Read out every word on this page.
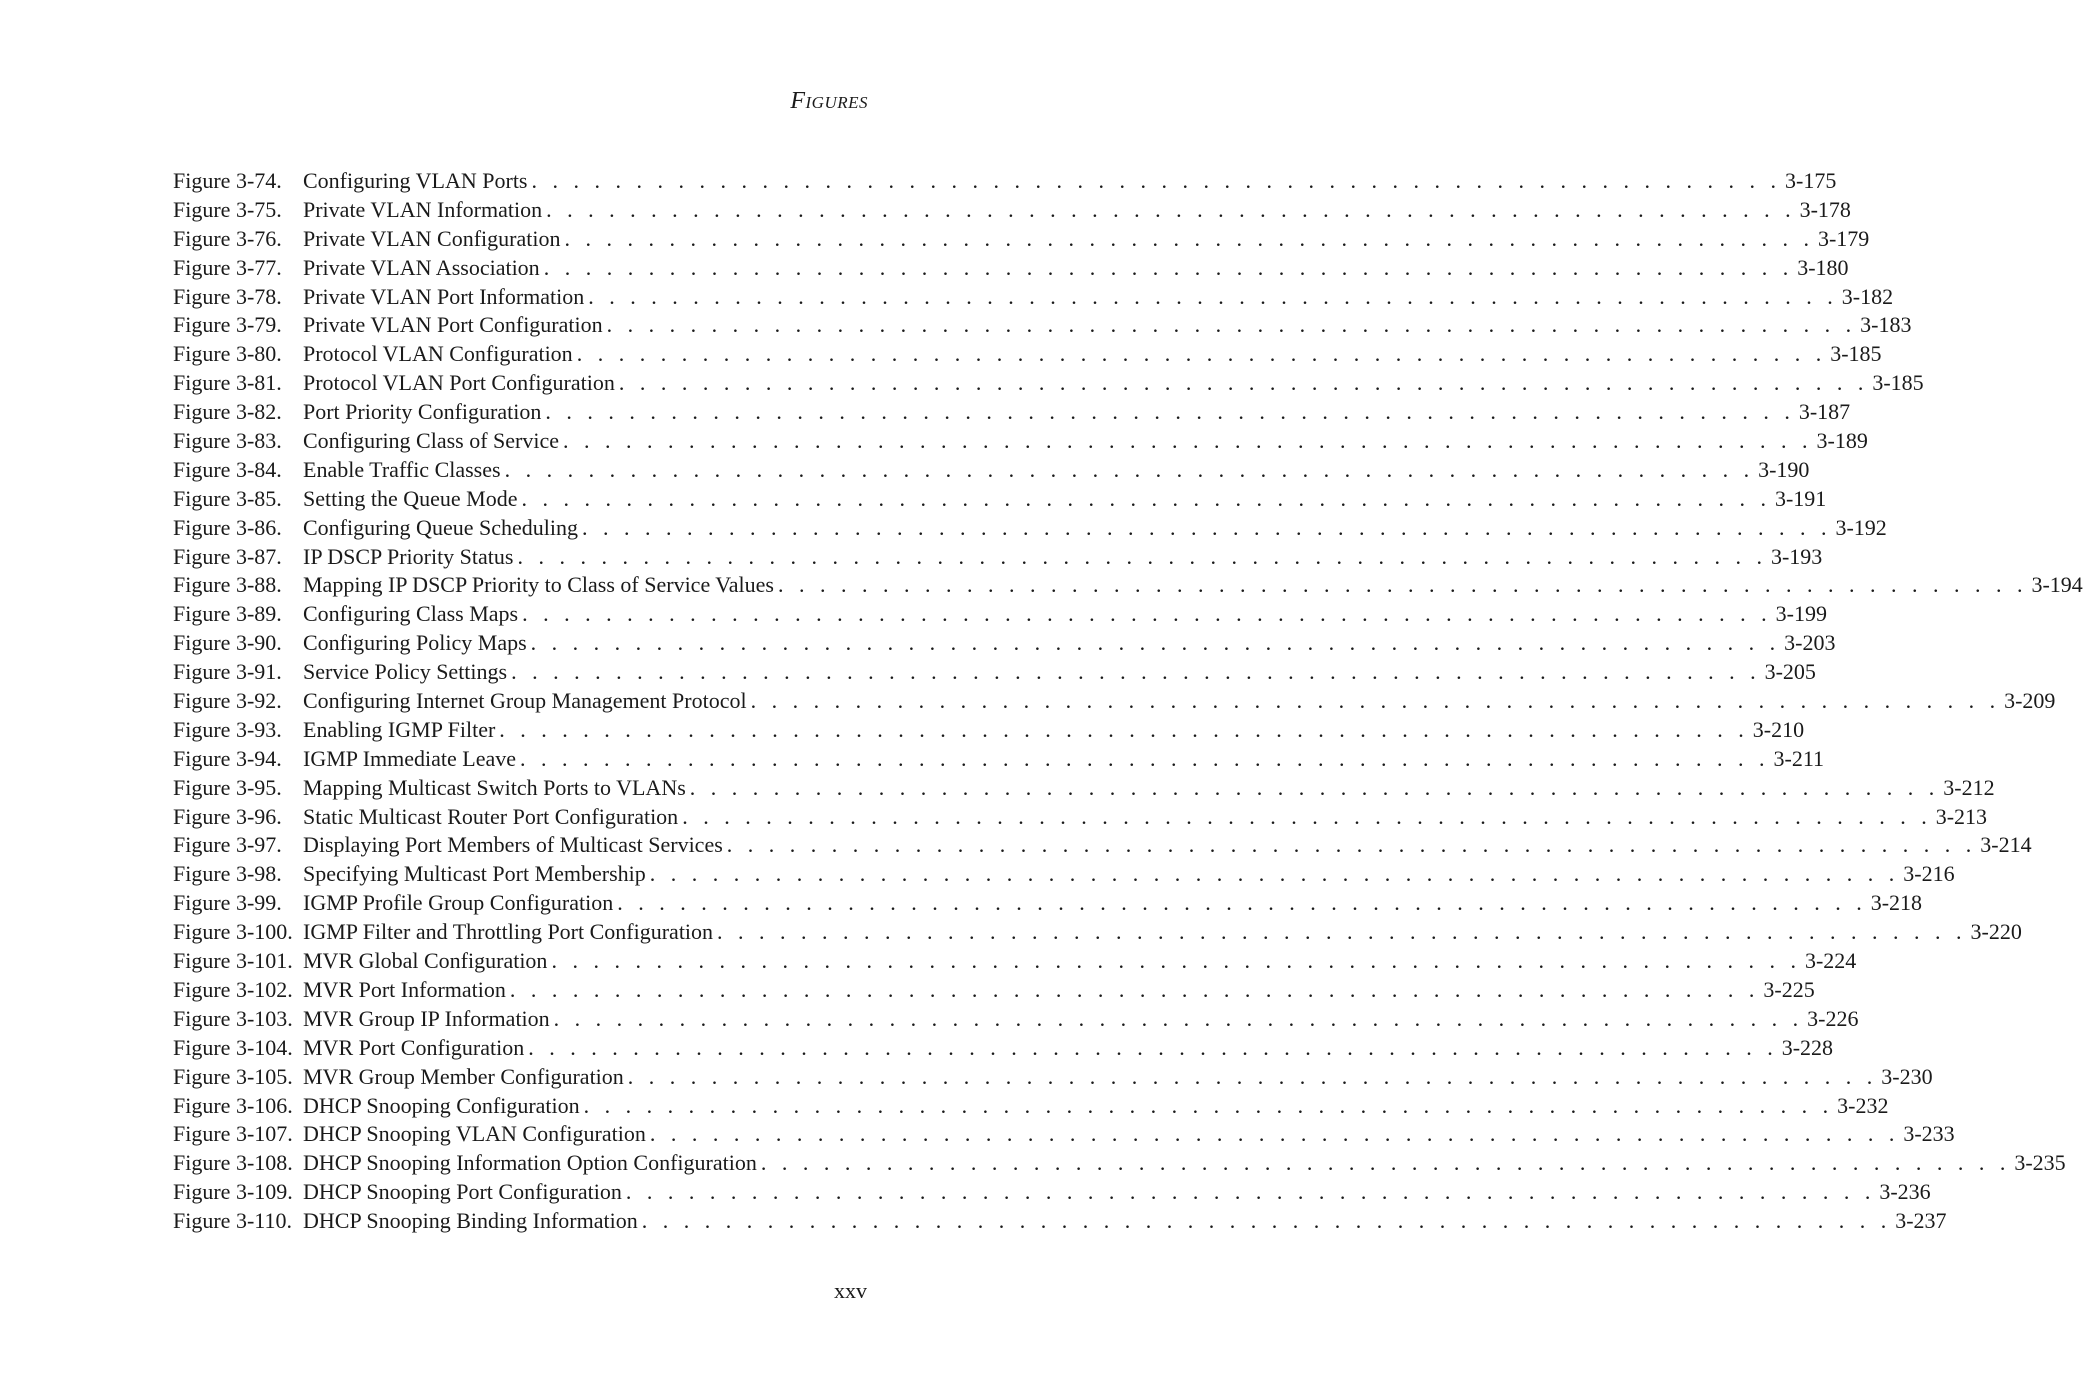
FIGURES
Figure 3-74. Configuring VLAN Ports . . . . . . . . . . . . . . . . . . . . . . . . . . . . . . . . . . . . . . . . . . . . . . . . . . . . . . . . . . . . 3-175
Figure 3-75. Private VLAN Information . . . . . . . . . . . . . . . . . . . . . . . . . . . . . . . . . . . . . . . . . . . . . . . . . . . . . . . . . . . . 3-178
Figure 3-76. Private VLAN Configuration . . . . . . . . . . . . . . . . . . . . . . . . . . . . . . . . . . . . . . . . . . . . . . . . . . . . . . . . . . . . 3-179
Figure 3-77. Private VLAN Association . . . . . . . . . . . . . . . . . . . . . . . . . . . . . . . . . . . . . . . . . . . . . . . . . . . . . . . . . . . . 3-180
Figure 3-78. Private VLAN Port Information . . . . . . . . . . . . . . . . . . . . . . . . . . . . . . . . . . . . . . . . . . . . . . . . . . . . . . . . . . . . 3-182
Figure 3-79. Private VLAN Port Configuration . . . . . . . . . . . . . . . . . . . . . . . . . . . . . . . . . . . . . . . . . . . . . . . . . . . . . . . . . . . . 3-183
Figure 3-80. Protocol VLAN Configuration . . . . . . . . . . . . . . . . . . . . . . . . . . . . . . . . . . . . . . . . . . . . . . . . . . . . . . . . . . . . 3-185
Figure 3-81. Protocol VLAN Port Configuration . . . . . . . . . . . . . . . . . . . . . . . . . . . . . . . . . . . . . . . . . . . . . . . . . . . . . . . . . . . . 3-185
Figure 3-82. Port Priority Configuration . . . . . . . . . . . . . . . . . . . . . . . . . . . . . . . . . . . . . . . . . . . . . . . . . . . . . . . . . . . . 3-187
Figure 3-83. Configuring Class of Service . . . . . . . . . . . . . . . . . . . . . . . . . . . . . . . . . . . . . . . . . . . . . . . . . . . . . . . . . . . . 3-189
Figure 3-84. Enable Traffic Classes . . . . . . . . . . . . . . . . . . . . . . . . . . . . . . . . . . . . . . . . . . . . . . . . . . . . . . . . . . . . 3-190
Figure 3-85. Setting the Queue Mode . . . . . . . . . . . . . . . . . . . . . . . . . . . . . . . . . . . . . . . . . . . . . . . . . . . . . . . . . . . . 3-191
Figure 3-86. Configuring Queue Scheduling . . . . . . . . . . . . . . . . . . . . . . . . . . . . . . . . . . . . . . . . . . . . . . . . . . . . . . . . . . . . 3-192
Figure 3-87. IP DSCP Priority Status . . . . . . . . . . . . . . . . . . . . . . . . . . . . . . . . . . . . . . . . . . . . . . . . . . . . . . . . . . . . 3-193
Figure 3-88. Mapping IP DSCP Priority to Class of Service Values . . . . . . . . . . . . . . . . . . . . . . . . . . . . . . . . . . . . . . . . . . . . . . . . . . . . . . . . . . . . 3-194
Figure 3-89. Configuring Class Maps . . . . . . . . . . . . . . . . . . . . . . . . . . . . . . . . . . . . . . . . . . . . . . . . . . . . . . . . . . . . 3-199
Figure 3-90. Configuring Policy Maps . . . . . . . . . . . . . . . . . . . . . . . . . . . . . . . . . . . . . . . . . . . . . . . . . . . . . . . . . . . . 3-203
Figure 3-91. Service Policy Settings . . . . . . . . . . . . . . . . . . . . . . . . . . . . . . . . . . . . . . . . . . . . . . . . . . . . . . . . . . . . 3-205
Figure 3-92. Configuring Internet Group Management Protocol . . . . . . . . . . . . . . . . . . . . . . . . . . . . . . . . . . . . . . . . . . . . . . . . . . . . . . . . . . . . 3-209
Figure 3-93. Enabling IGMP Filter . . . . . . . . . . . . . . . . . . . . . . . . . . . . . . . . . . . . . . . . . . . . . . . . . . . . . . . . . . . . 3-210
Figure 3-94. IGMP Immediate Leave . . . . . . . . . . . . . . . . . . . . . . . . . . . . . . . . . . . . . . . . . . . . . . . . . . . . . . . . . . . . 3-211
Figure 3-95. Mapping Multicast Switch Ports to VLANs . . . . . . . . . . . . . . . . . . . . . . . . . . . . . . . . . . . . . . . . . . . . . . . . . . . . . . . . . . . . 3-212
Figure 3-96. Static Multicast Router Port Configuration . . . . . . . . . . . . . . . . . . . . . . . . . . . . . . . . . . . . . . . . . . . . . . . . . . . . . . . . . . . . 3-213
Figure 3-97. Displaying Port Members of Multicast Services . . . . . . . . . . . . . . . . . . . . . . . . . . . . . . . . . . . . . . . . . . . . . . . . . . . . . . . . . . . . 3-214
Figure 3-98. Specifying Multicast Port Membership . . . . . . . . . . . . . . . . . . . . . . . . . . . . . . . . . . . . . . . . . . . . . . . . . . . . . . . . . . . . 3-216
Figure 3-99. IGMP Profile Group Configuration . . . . . . . . . . . . . . . . . . . . . . . . . . . . . . . . . . . . . . . . . . . . . . . . . . . . . . . . . . . . 3-218
Figure 3-100. IGMP Filter and Throttling Port Configuration . . . . . . . . . . . . . . . . . . . . . . . . . . . . . . . . . . . . . . . . . . . . . . . . . . . . . . . . . . . . 3-220
Figure 3-101. MVR Global Configuration . . . . . . . . . . . . . . . . . . . . . . . . . . . . . . . . . . . . . . . . . . . . . . . . . . . . . . . . . . . . 3-224
Figure 3-102. MVR Port Information . . . . . . . . . . . . . . . . . . . . . . . . . . . . . . . . . . . . . . . . . . . . . . . . . . . . . . . . . . . . 3-225
Figure 3-103. MVR Group IP Information . . . . . . . . . . . . . . . . . . . . . . . . . . . . . . . . . . . . . . . . . . . . . . . . . . . . . . . . . . . . 3-226
Figure 3-104. MVR Port Configuration . . . . . . . . . . . . . . . . . . . . . . . . . . . . . . . . . . . . . . . . . . . . . . . . . . . . . . . . . . . . 3-228
Figure 3-105. MVR Group Member Configuration . . . . . . . . . . . . . . . . . . . . . . . . . . . . . . . . . . . . . . . . . . . . . . . . . . . . . . . . . . . . 3-230
Figure 3-106. DHCP Snooping Configuration . . . . . . . . . . . . . . . . . . . . . . . . . . . . . . . . . . . . . . . . . . . . . . . . . . . . . . . . . . . . 3-232
Figure 3-107. DHCP Snooping VLAN Configuration . . . . . . . . . . . . . . . . . . . . . . . . . . . . . . . . . . . . . . . . . . . . . . . . . . . . . . . . . . . . 3-233
Figure 3-108. DHCP Snooping Information Option Configuration . . . . . . . . . . . . . . . . . . . . . . . . . . . . . . . . . . . . . . . . . . . . . . . . . . . . . . . . . . . . 3-235
Figure 3-109. DHCP Snooping Port Configuration . . . . . . . . . . . . . . . . . . . . . . . . . . . . . . . . . . . . . . . . . . . . . . . . . . . . . . . . . . . . 3-236
Figure 3-110. DHCP Snooping Binding Information . . . . . . . . . . . . . . . . . . . . . . . . . . . . . . . . . . . . . . . . . . . . . . . . . . . . . . . . . . . . 3-237
xxv
